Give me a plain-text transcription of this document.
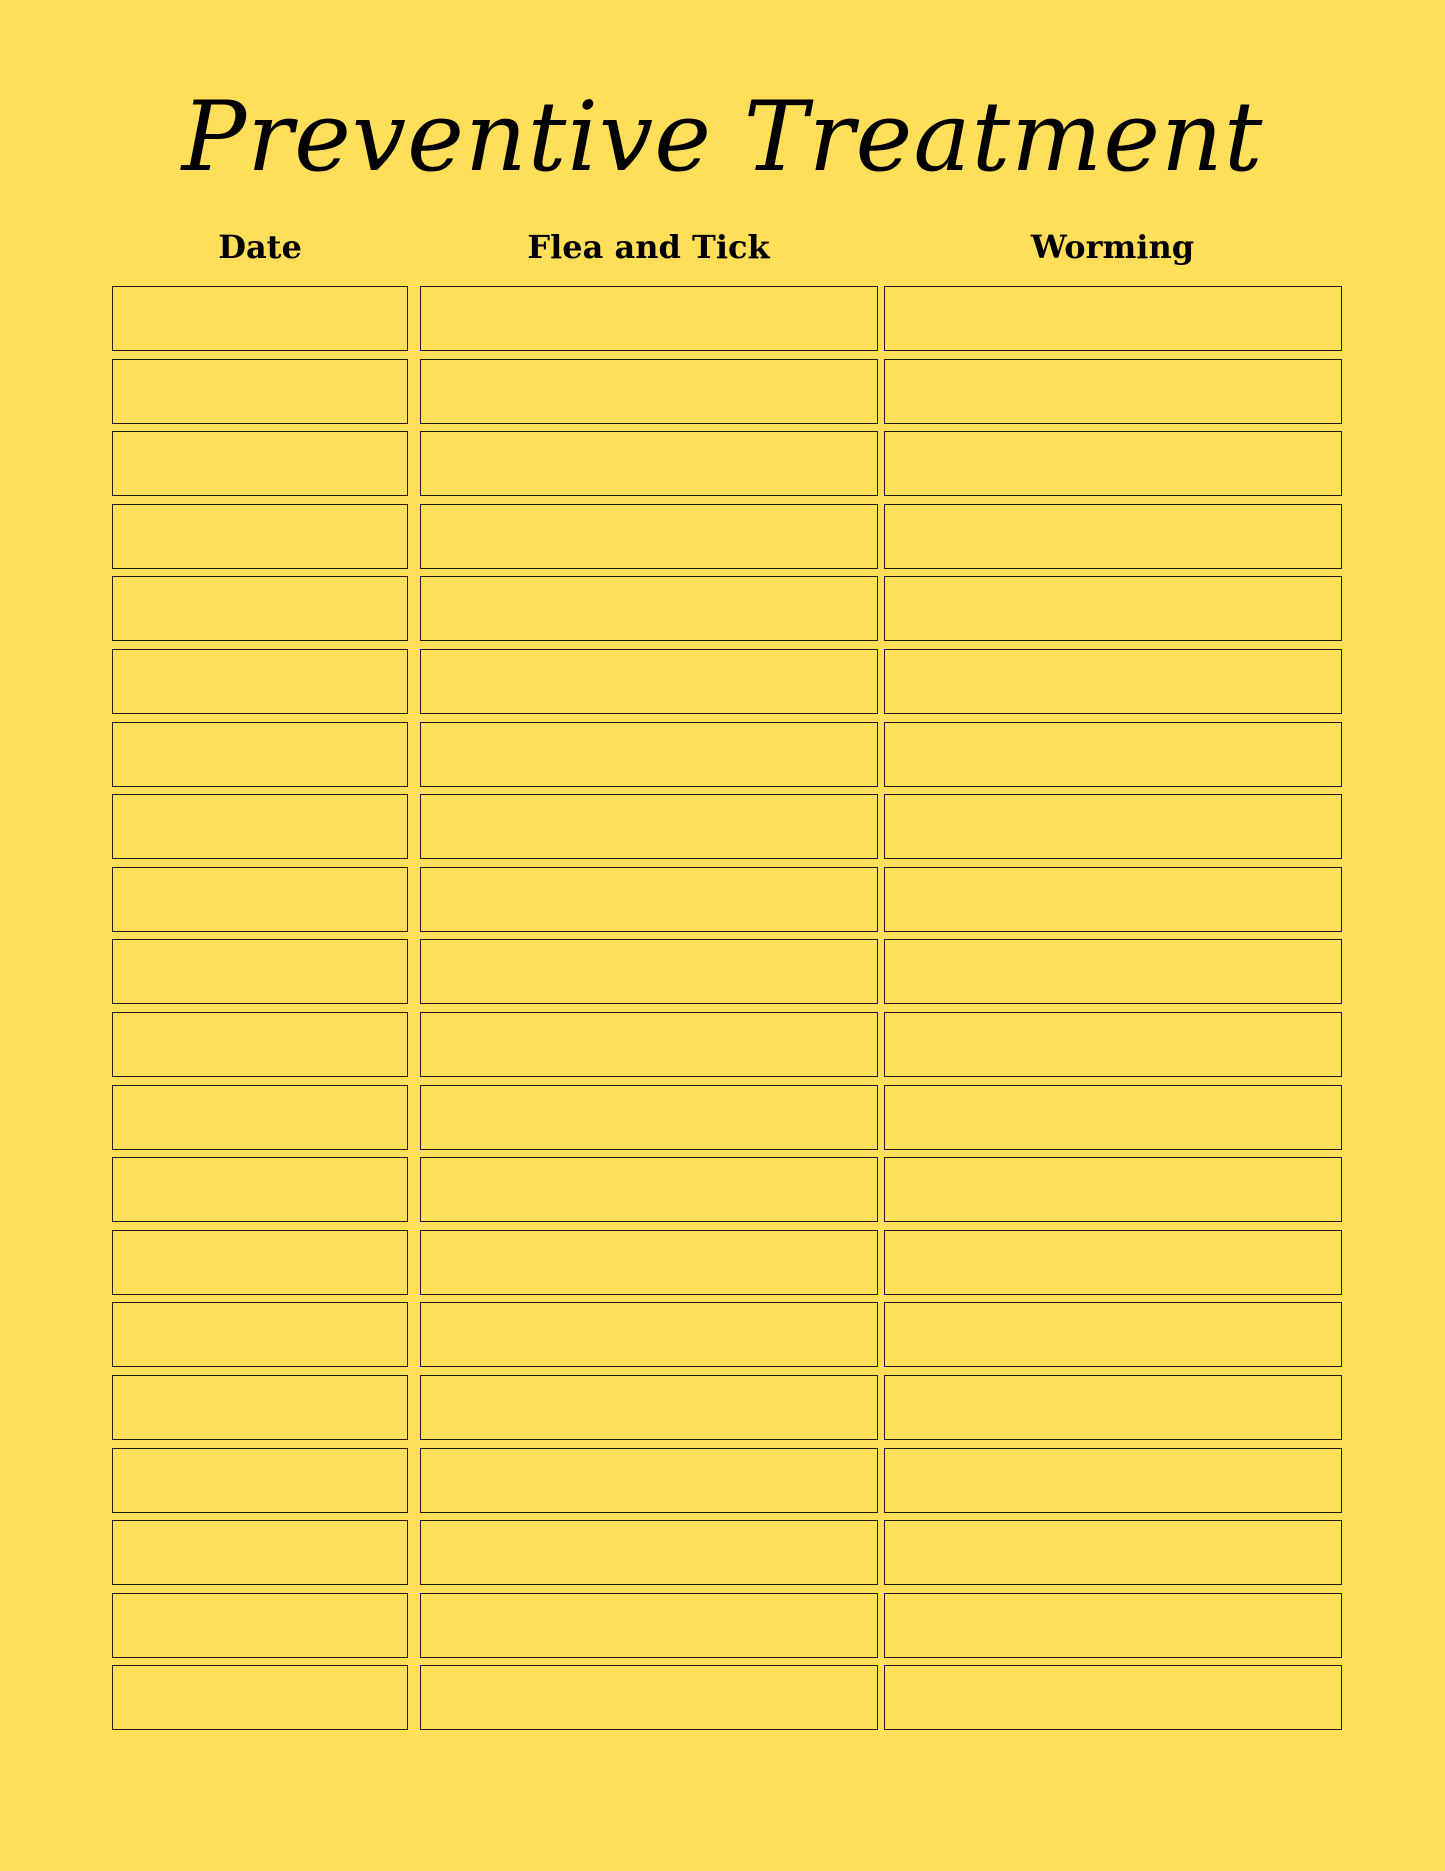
Preventive Treatment
Date	Flea and Tick	Worming
